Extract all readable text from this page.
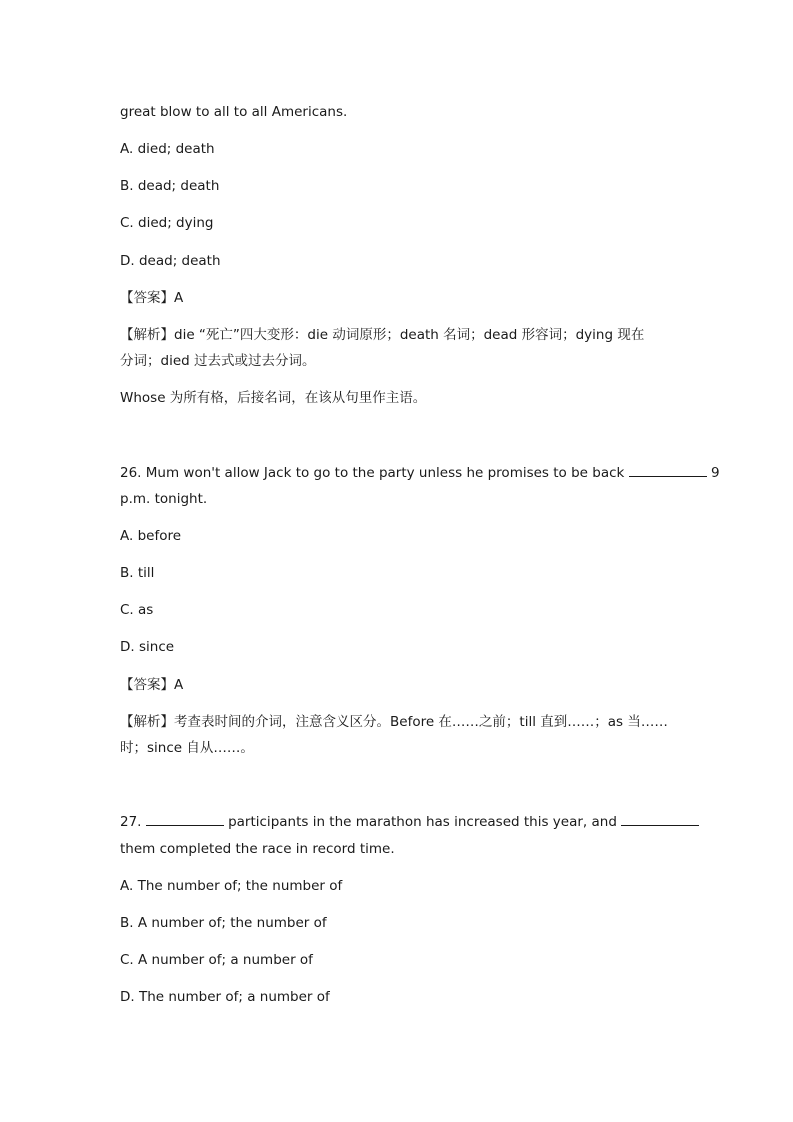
great blow to all to all Americans.
A. died; death
B. dead; death
C. died; dying
D. dead; death
【答案】A
【解析】die “死亡”四大变形：die 动词原形；death 名词；dead 形容词；dying 现在
分词；died 过去式或过去分词。
Whose 为所有格，后接名词，在该从句里作主语。
26. Mum won't allow Jack to go to the party unless he promises to be back	9
p.m. tonight.
A. before
B. till
C. as
D. since
【答案】A
【解析】考查表时间的介词，注意含义区分。Before 在……之前；till 直到……；as 当……
时；since 自从……。
27.	participants in the marathon has increased this year, and
them completed the race in record time.
A. The number of; the number of
B. A number of; the number of
C. A number of; a number of
D. The number of; a number of
